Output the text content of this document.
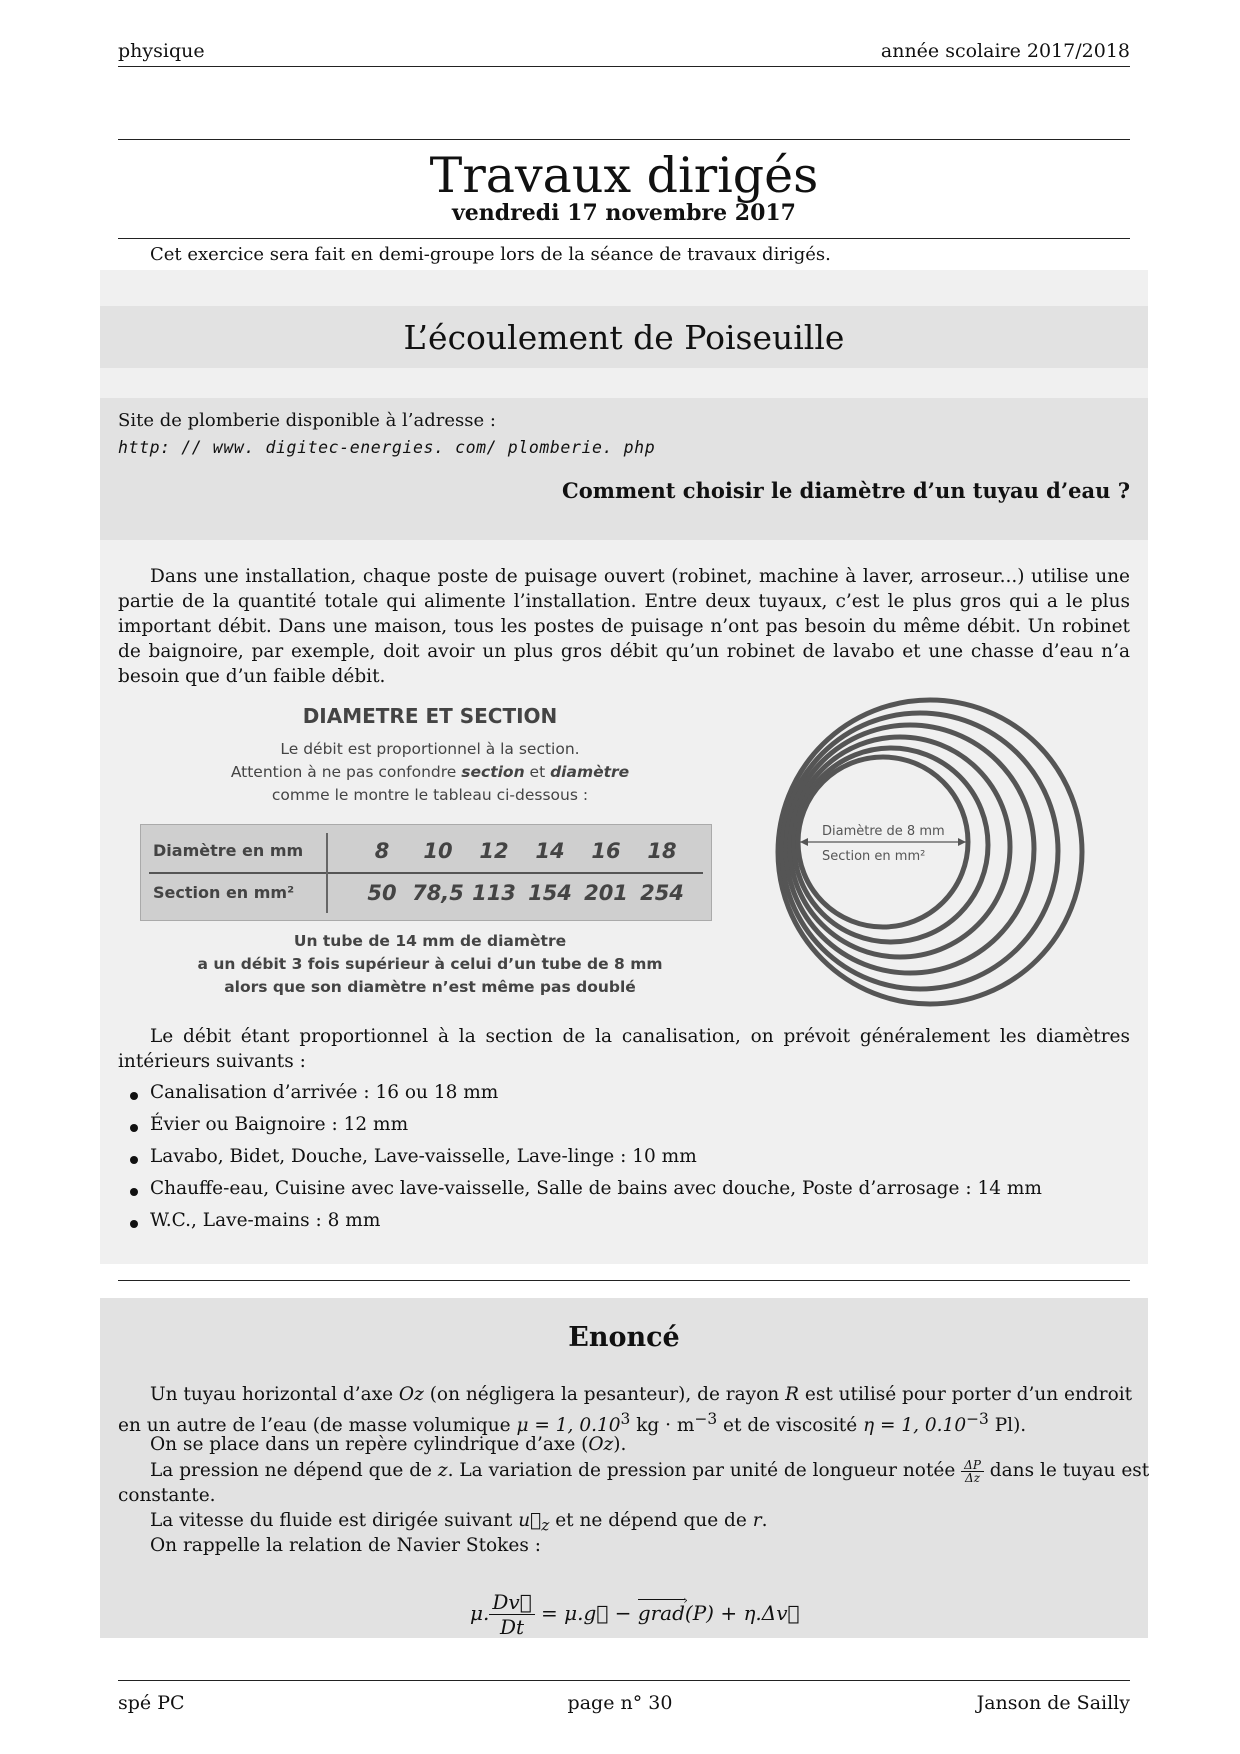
physique	année scolaire 2017/2018
Travaux dirigés
vendredi 17 novembre 2017
Cet exercice sera fait en demi-groupe lors de la séance de travaux dirigés.
L’écoulement de Poiseuille
Site de plomberie disponible à l’adresse :
http: // www. digitec-energies. com/ plomberie. php
Comment choisir le diamètre d’un tuyau d’eau ?
Dans une installation, chaque poste de puisage ouvert (robinet, machine à laver, arroseur...) utilise une partie de la quantité totale qui alimente l’installation. Entre deux tuyaux, c’est le plus gros qui a le plus important débit. Dans une maison, tous les postes de puisage n’ont pas besoin du même débit. Un robinet de baignoire, par exemple, doit avoir un plus gros débit qu’un robinet de lavabo et une chasse d’eau n’a besoin que d’un faible débit.
DIAMETRE ET SECTION
Le débit est proportionnel à la section.
Attention à ne pas confondre section et diamètre
comme le montre le tableau ci-dessous :
Diamètre en mm	8	10	12	14	16	18
Section en mm²	50 78,5 113 154 201 254
Un tube de 14 mm de diamètre
a un débit 3 fois supérieur à celui d’un tube de 8 mm
alors que son diamètre n’est même pas doublé
Diamètre de 8 mm
Section en mm²
Le débit étant proportionnel à la section de la canalisation, on prévoit généralement les diamètres intérieurs suivants :
Canalisation d’arrivée : 16 ou 18 mm
Évier ou Baignoire : 12 mm
Lavabo, Bidet, Douche, Lave-vaisselle, Lave-linge : 10 mm
Chauffe-eau, Cuisine avec lave-vaisselle, Salle de bains avec douche, Poste d’arrosage : 14 mm
W.C., Lave-mains : 8 mm
Enoncé
Un tuyau horizontal d’axe Oz (on négligera la pesanteur), de rayon R est utilisé pour porter d’un endroit
en un autre de l’eau (de masse volumique μ = 1, 0.10$^3$ kg · $m^{-3}$ et de viscosité η = 1, $0.10^{-3}$ Pl).
On se place dans un repère cylindrique d’axe (Oz).
La pression ne dépend que de z. La variation de pression par unité de longueur notée $\frac{\Delta P}{\Delta z}$ dans le tuyau est
constante.
La vitesse du fluide est dirigée suivant $u⃗_z$ et ne dépend que de r.
On rappelle la relation de Navier Stokes :
μ. $\frac{Dv⃗}{Dt}$ = μ.g⃗ −
›
grad(P) + η.Δv⃗
spé PC	page n° 30	Janson de Sailly
